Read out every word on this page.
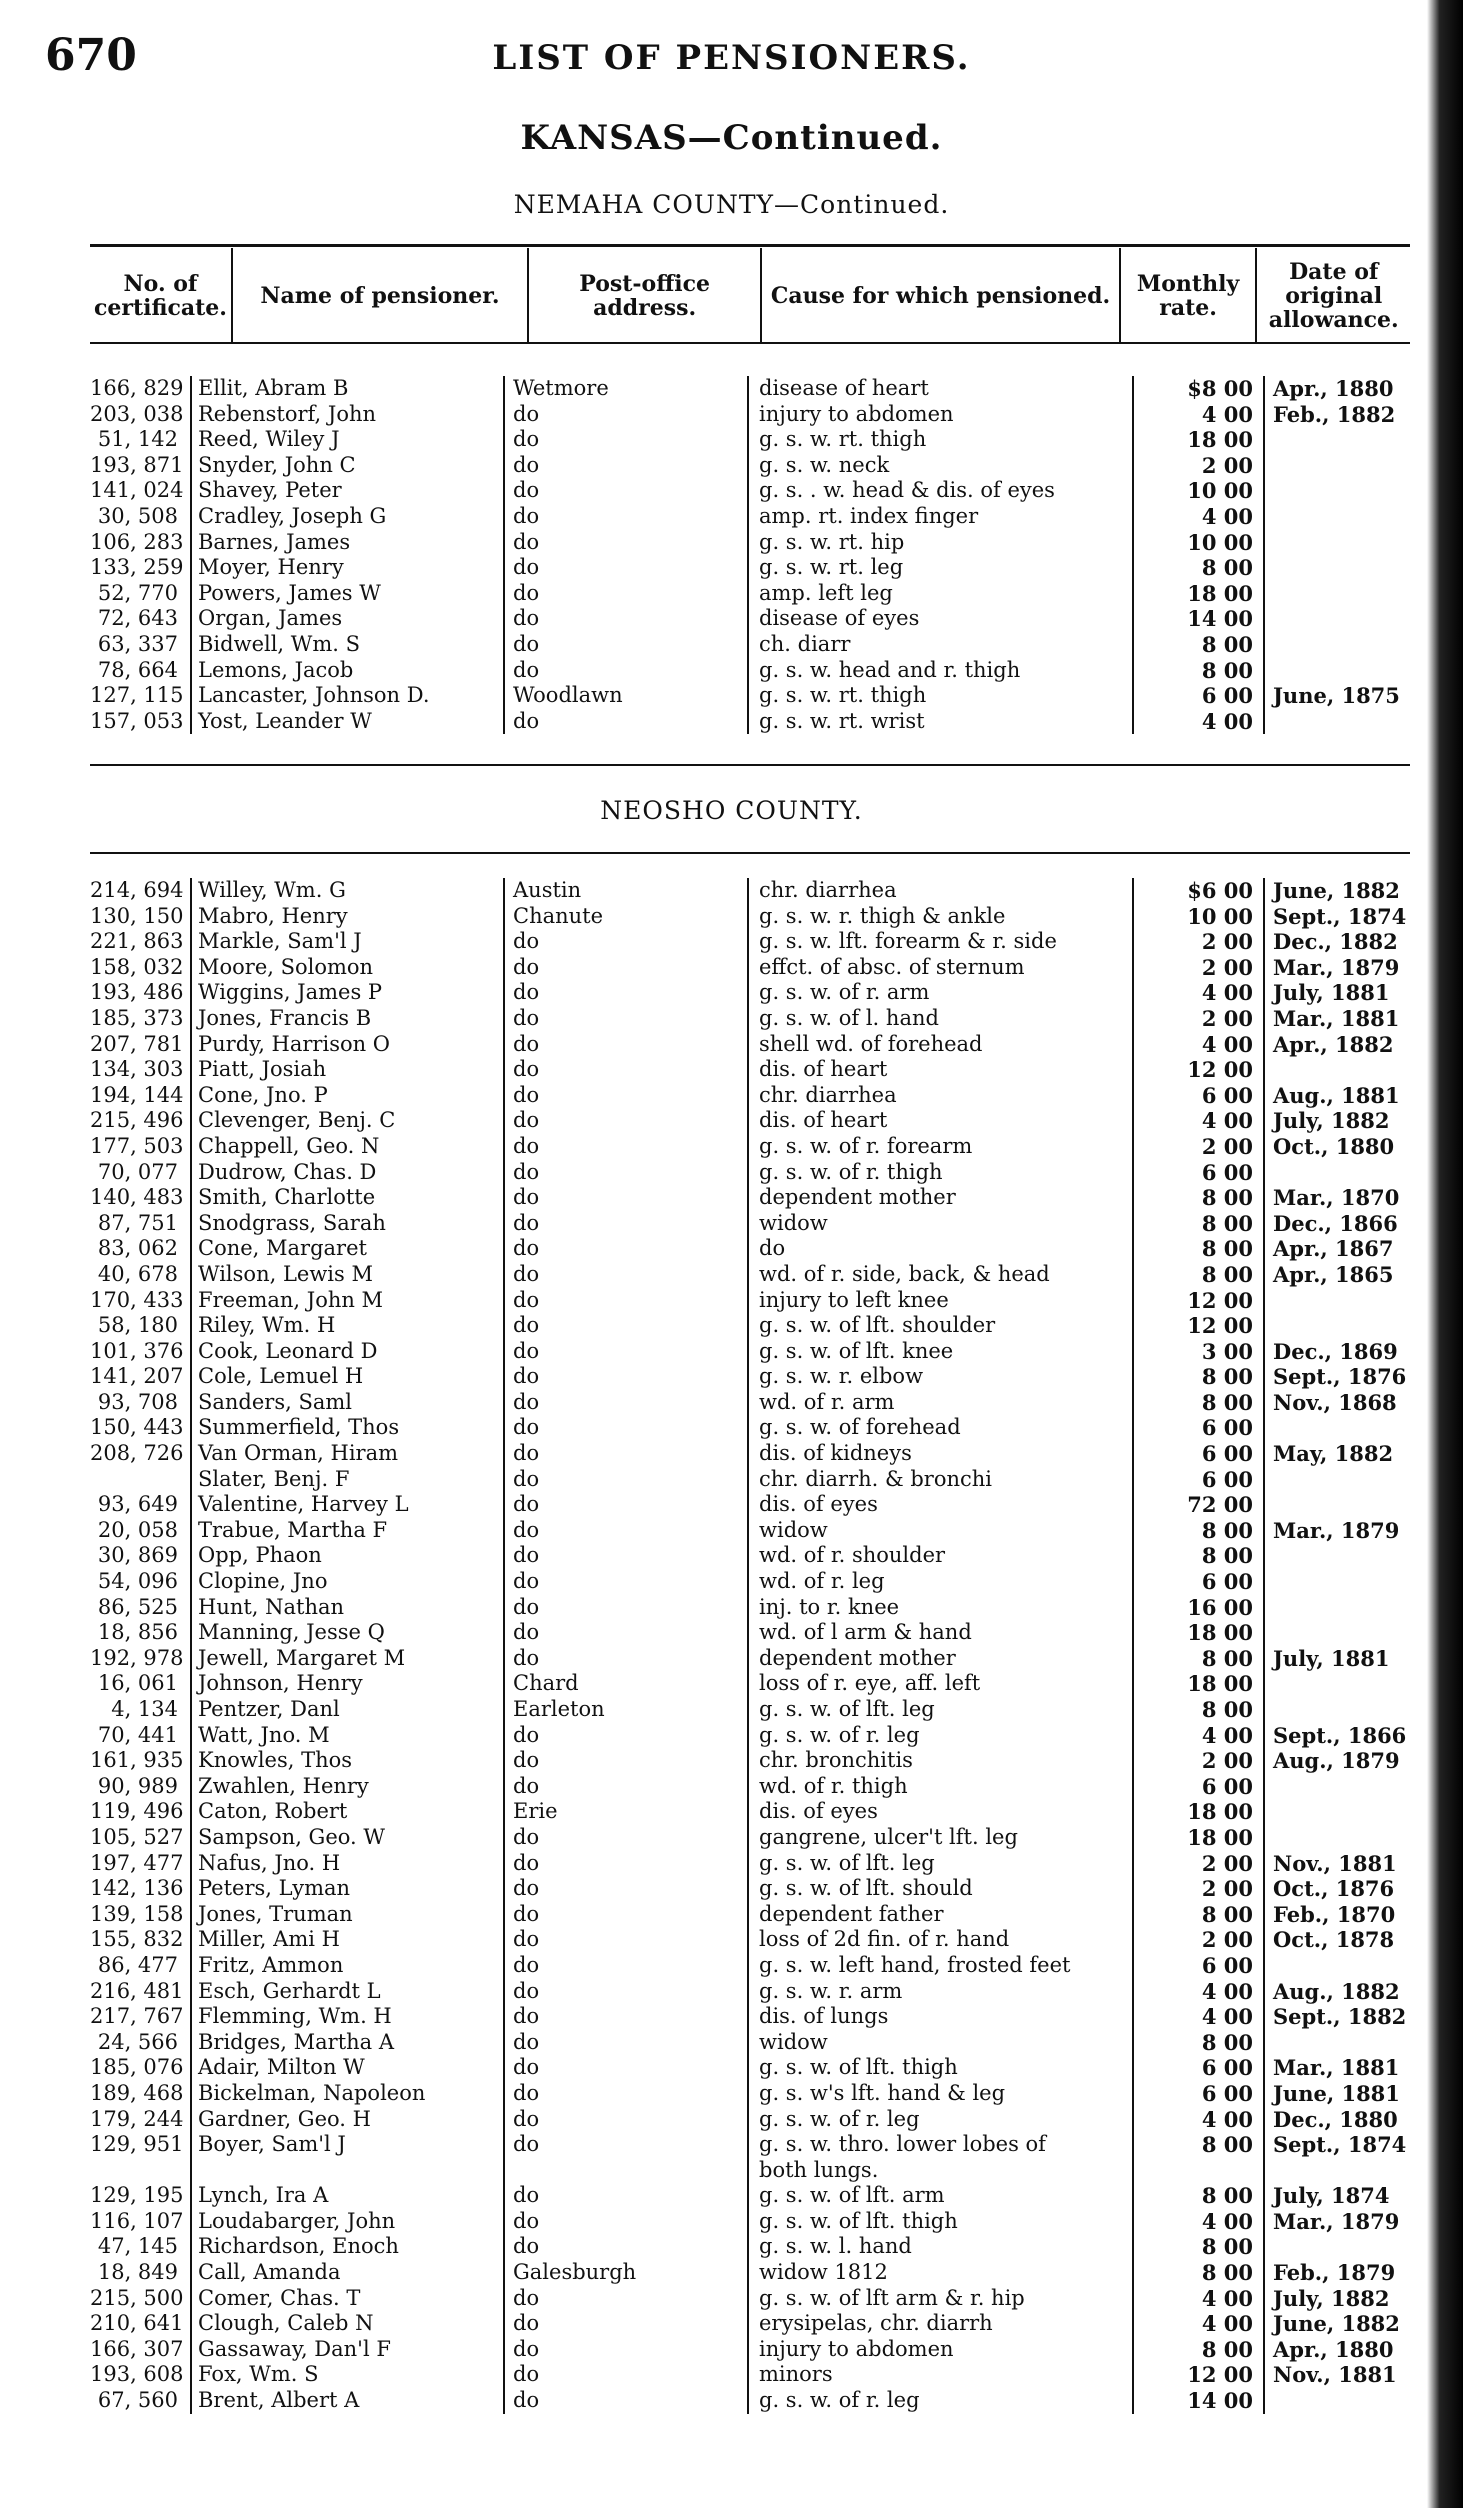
670	LIST OF PENSIONERS.
KANSAS—Continued.
NEMAHA COUNTY—Continued.
No. of certificate.	Name of pensioner.	Post-office address.	Cause for which pensioned.	Monthly rate.	Date of original allowance.
166, 829 Ellit, Abram B	Wetmore	disease of heart	$8 00 Apr., 1880
203, 038 Rebenstorf, John	do	injury to abdomen	4 00 Feb., 1882
51, 142 Reed, Wiley J	do	g. s. w. rt. thigh	18 00
193, 871 Snyder, John C	do	g. s. w. neck	2 00
141, 024 Shavey, Peter	do	g. s. . w. head & dis. of eyes	10 00
30, 508 Cradley, Joseph G	do	amp. rt. index finger	4 00
106, 283 Barnes, James	do	g. s. w. rt. hip	10 00
133, 259 Moyer, Henry	do	g. s. w. rt. leg	8 00
52, 770 Powers, James W	do	amp. left leg	18 00
72, 643 Organ, James	do	disease of eyes	14 00
63, 337 Bidwell, Wm. S	do	ch. diarr	8 00
78, 664 Lemons, Jacob	do	g. s. w. head and r. thigh	8 00
127, 115 Lancaster, Johnson D.	Woodlawn	g. s. w. rt. thigh	6 00 June, 1875
157, 053 Yost, Leander W	do	g. s. w. rt. wrist	4 00
NEOSHO COUNTY.
214, 694 Willey, Wm. G	Austin	chr. diarrhea	$6 00 June, 1882
130, 150 Mabro, Henry	Chanute	g. s. w. r. thigh & ankle	10 00 Sept., 1874
221, 863 Markle, Sam'l J	do	g. s. w. lft. forearm & r. side	2 00 Dec., 1882
158, 032 Moore, Solomon	do	effct. of absc. of sternum	2 00 Mar., 1879
193, 486 Wiggins, James P	do	g. s. w. of r. arm	4 00 July, 1881
185, 373 Jones, Francis B	do	g. s. w. of l. hand	2 00 Mar., 1881
207, 781 Purdy, Harrison O	do	shell wd. of forehead	4 00 Apr., 1882
134, 303 Piatt, Josiah	do	dis. of heart	12 00
194, 144 Cone, Jno. P	do	chr. diarrhea	6 00 Aug., 1881
215, 496 Clevenger, Benj. C	do	dis. of heart	4 00 July, 1882
177, 503 Chappell, Geo. N	do	g. s. w. of r. forearm	2 00 Oct., 1880
70, 077 Dudrow, Chas. D	do	g. s. w. of r. thigh	6 00
140, 483 Smith, Charlotte	do	dependent mother	8 00 Mar., 1870
87, 751 Snodgrass, Sarah	do	widow	8 00 Dec., 1866
83, 062 Cone, Margaret	do	do	8 00 Apr., 1867
40, 678 Wilson, Lewis M	do	wd. of r. side, back, & head	8 00 Apr., 1865
170, 433 Freeman, John M	do	injury to left knee	12 00
58, 180 Riley, Wm. H	do	g. s. w. of lft. shoulder	12 00
101, 376 Cook, Leonard D	do	g. s. w. of lft. knee	3 00 Dec., 1869
141, 207 Cole, Lemuel H	do	g. s. w. r. elbow	8 00 Sept., 1876
93, 708 Sanders, Saml	do	wd. of r. arm	8 00 Nov., 1868
150, 443 Summerfield, Thos	do	g. s. w. of forehead	6 00
208, 726 Van Orman, Hiram	do	dis. of kidneys	6 00 May, 1882
Slater, Benj. F	do	chr. diarrh. & bronchi	6 00
93, 649 Valentine, Harvey L	do	dis. of eyes	72 00
20, 058 Trabue, Martha F	do	widow	8 00 Mar., 1879
30, 869 Opp, Phaon	do	wd. of r. shoulder	8 00
54, 096 Clopine, Jno	do	wd. of r. leg	6 00
86, 525 Hunt, Nathan	do	inj. to r. knee	16 00
18, 856 Manning, Jesse Q	do	wd. of l arm & hand	18 00
192, 978 Jewell, Margaret M	do	dependent mother	8 00 July, 1881
16, 061 Johnson, Henry	Chard	loss of r. eye, aff. left	18 00
4, 134 Pentzer, Danl	Earleton	g. s. w. of lft. leg	8 00
70, 441 Watt, Jno. M	do	g. s. w. of r. leg	4 00 Sept., 1866
161, 935 Knowles, Thos	do	chr. bronchitis	2 00 Aug., 1879
90, 989 Zwahlen, Henry	do	wd. of r. thigh	6 00
119, 496 Caton, Robert	Erie	dis. of eyes	18 00
105, 527 Sampson, Geo. W	do	gangrene, ulcer't lft. leg	18 00
197, 477 Nafus, Jno. H	do	g. s. w. of lft. leg	2 00 Nov., 1881
142, 136 Peters, Lyman	do	g. s. w. of lft. should	2 00 Oct., 1876
139, 158 Jones, Truman	do	dependent father	8 00 Feb., 1870
155, 832 Miller, Ami H	do	loss of 2d fin. of r. hand	2 00 Oct., 1878
86, 477 Fritz, Ammon	do	g. s. w. left hand, frosted feet	6 00
216, 481 Esch, Gerhardt L	do	g. s. w. r. arm	4 00 Aug., 1882
217, 767 Flemming, Wm. H	do	dis. of lungs	4 00 Sept., 1882
24, 566 Bridges, Martha A	do	widow	8 00
185, 076 Adair, Milton W	do	g. s. w. of lft. thigh	6 00 Mar., 1881
189, 468 Bickelman, Napoleon	do	g. s. w's lft. hand & leg	6 00 June, 1881
179, 244 Gardner, Geo. H	do	g. s. w. of r. leg	4 00 Dec., 1880
129, 951 Boyer, Sam'l J	do	g. s. w. thro. lower lobes of	8 00 Sept., 1874
both lungs.
129, 195 Lynch, Ira A	do	g. s. w. of lft. arm	8 00 July, 1874
116, 107 Loudabarger, John	do	g. s. w. of lft. thigh	4 00 Mar., 1879
47, 145 Richardson, Enoch	do	g. s. w. l. hand	8 00
18, 849 Call, Amanda	Galesburgh	widow 1812	8 00 Feb., 1879
215, 500 Comer, Chas. T	do	g. s. w. of lft arm & r. hip	4 00 July, 1882
210, 641 Clough, Caleb N	do	erysipelas, chr. diarrh	4 00 June, 1882
166, 307 Gassaway, Dan'l F	do	injury to abdomen	8 00 Apr., 1880
193, 608 Fox, Wm. S	do	minors	12 00 Nov., 1881
67, 560 Brent, Albert A	do	g. s. w. of r. leg	14 00
